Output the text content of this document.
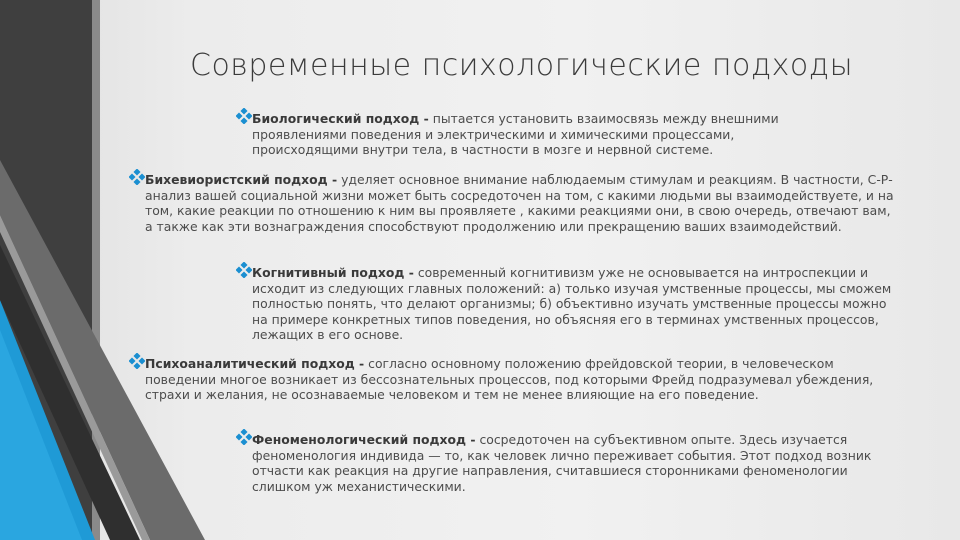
Современные психологические подходы
Биологический подход - пытается установить взаимосвязь между внешними проявлениями поведения и электрическими и химическими процессами, происходящими внутри тела, в частности в мозге и нервной системе.
Бихевиористский подход - уделяет основное внимание наблюдаемым стимулам и реакциям. В частности, С-Р-анализ вашей социальной жизни может быть сосредоточен на том, с какими людьми вы взаимодействуете, и на том, какие реакции по отношению к ним вы проявляете , какими реакциями они, в свою очередь, отвечают вам, а также как эти вознаграждения способствуют продолжению или прекращению ваших взаимодействий.
Когнитивный подход - современный когнитивизм уже не основывается на интроспекции и исходит из следующих главных положений: а) только изучая умственные процессы, мы сможем полностью понять, что делают организмы; б) объективно изучать умственные процессы можно на примере конкретных типов поведения, но объясняя его в терминах умственных процессов, лежащих в его основе.
Психоаналитический подход - согласно основному положению фрейдовской теории, в человеческом поведении многое возникает из бессознательных процессов, под которыми Фрейд подразумевал убеждения, страхи и желания, не осознаваемые человеком и тем не менее влияющие на его поведение.
Феноменологический подход - сосредоточен на субъективном опыте. Здесь изучается феноменология индивида — то, как человек лично переживает события. Этот подход возник отчасти как реакция на другие направления, считавшиеся сторонниками феноменологии слишком уж механистическими.
